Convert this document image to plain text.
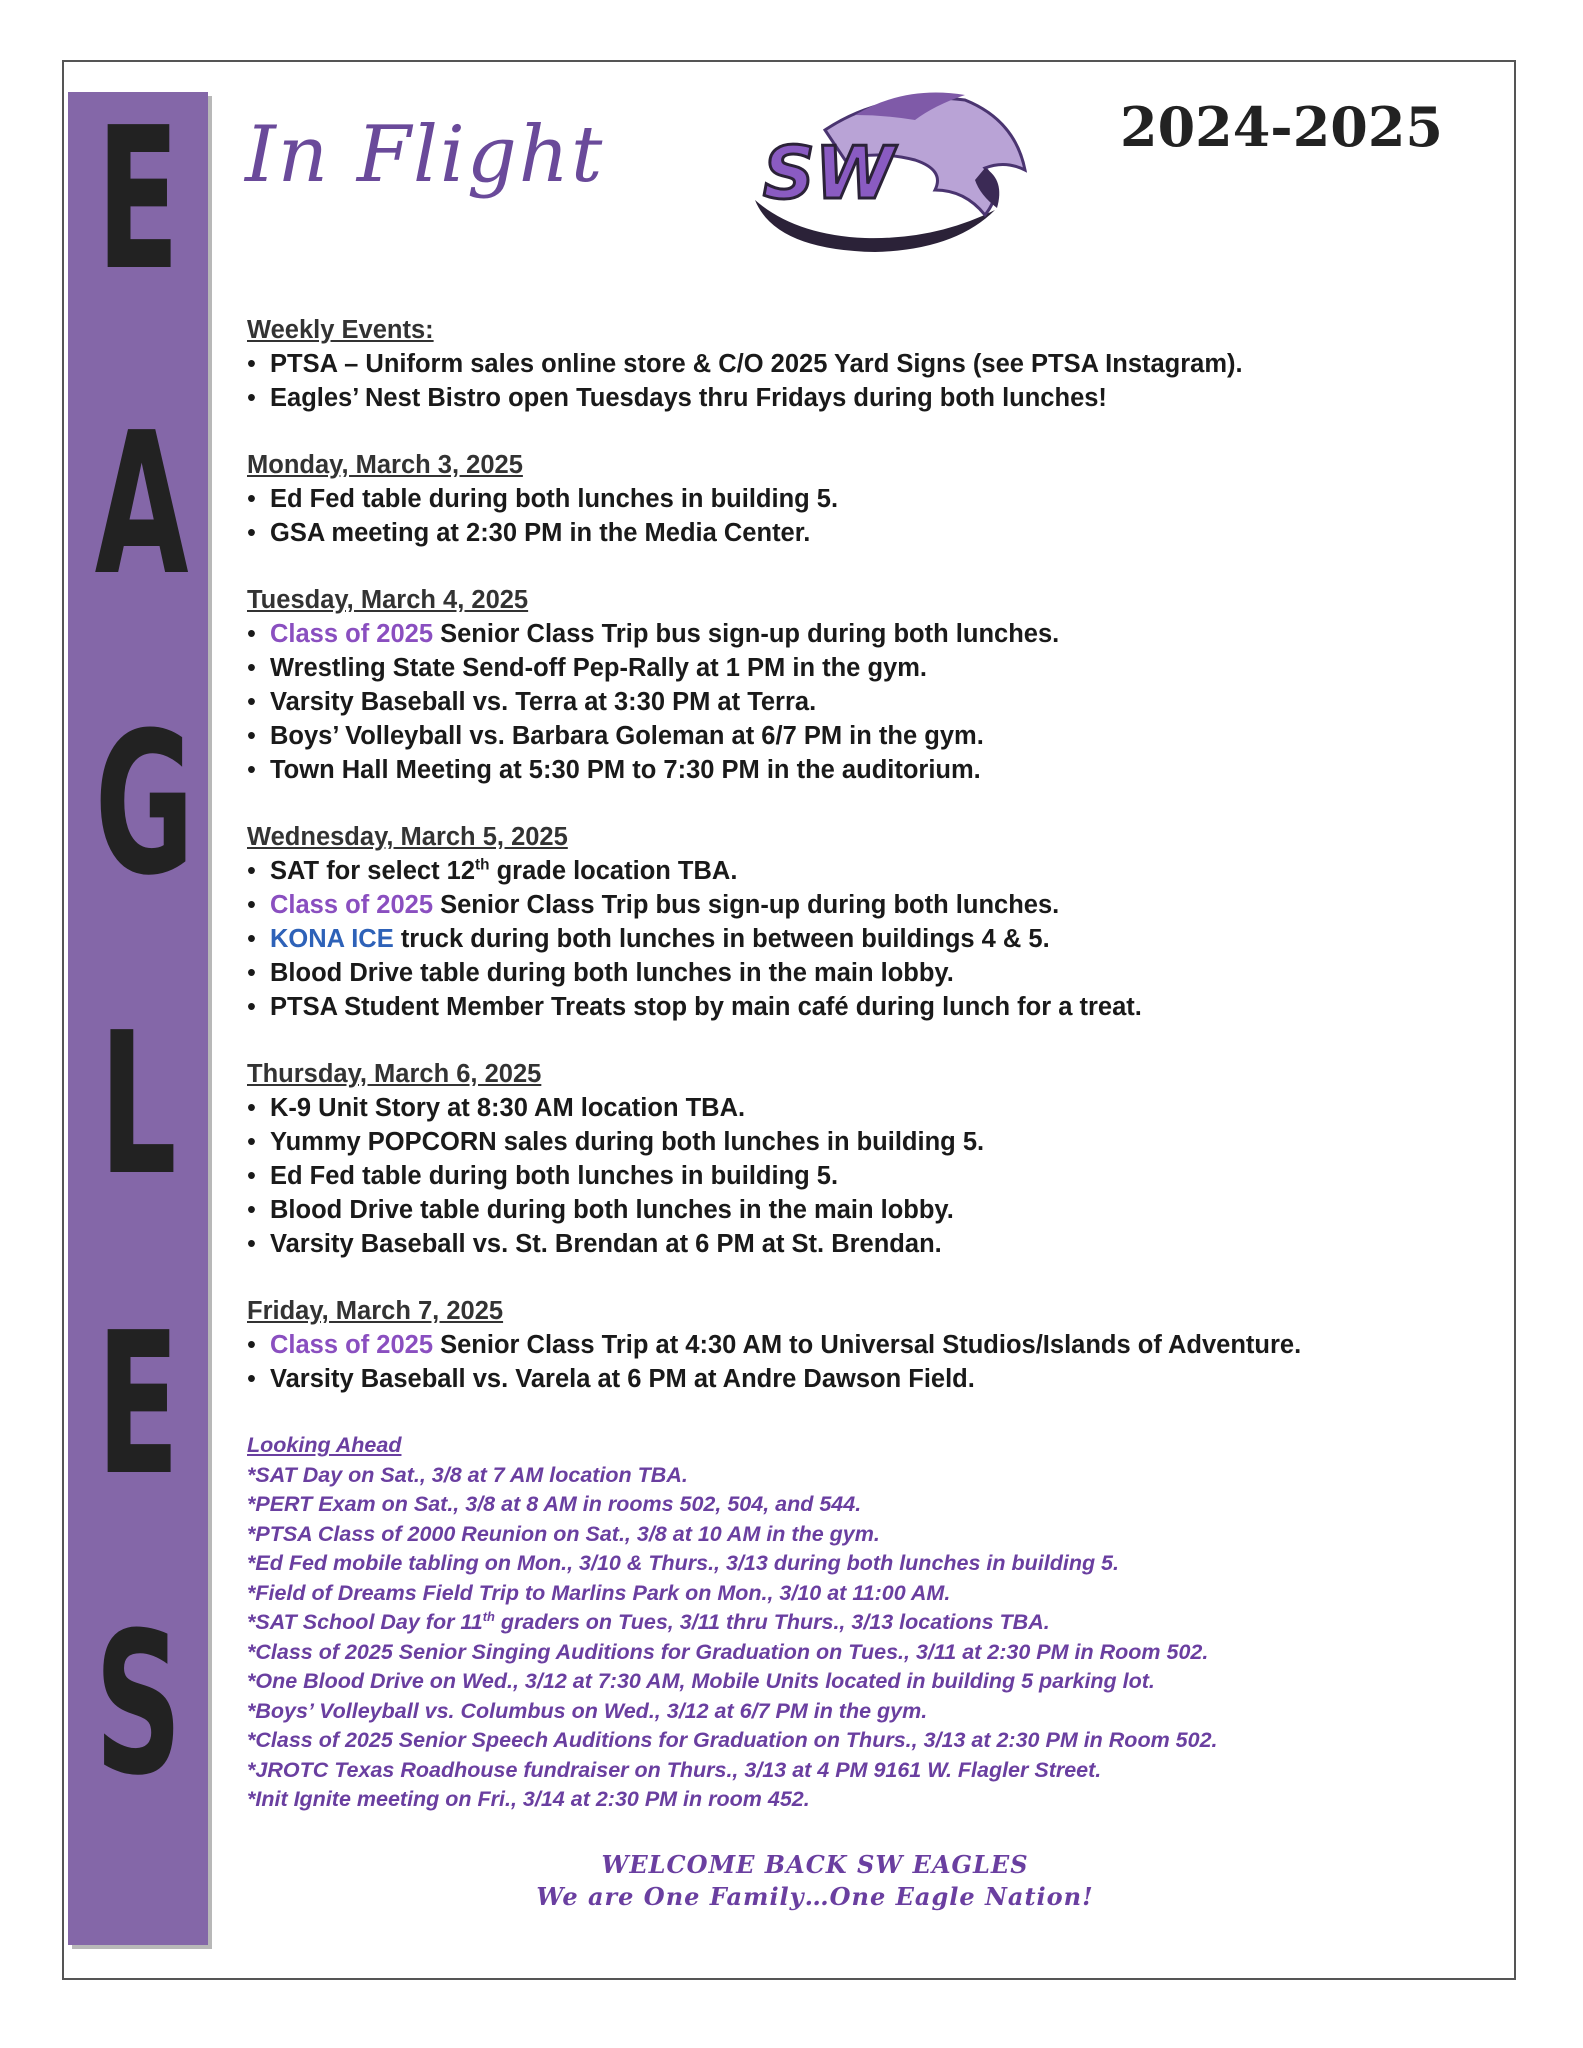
E
A
G
L
E
S
In Flight SW
2024-2025
Weekly Events:
• PTSA – Uniform sales online store & C/O 2025 Yard Signs (see PTSA Instagram).
• Eagles’ Nest Bistro open Tuesdays thru Fridays during both lunches!
Monday, March 3, 2025
• Ed Fed table during both lunches in building 5.
• GSA meeting at 2:30 PM in the Media Center.
Tuesday, March 4, 2025
• Class of 2025 Senior Class Trip bus sign-up during both lunches.
• Wrestling State Send-off Pep-Rally at 1 PM in the gym.
• Varsity Baseball vs. Terra at 3:30 PM at Terra.
• Boys’ Volleyball vs. Barbara Goleman at 6/7 PM in the gym.
• Town Hall Meeting at 5:30 PM to 7:30 PM in the auditorium.
Wednesday, March 5, 2025
• SAT for select 12th grade location TBA.
• Class of 2025 Senior Class Trip bus sign-up during both lunches.
• KONA ICE truck during both lunches in between buildings 4 & 5.
• Blood Drive table during both lunches in the main lobby.
• PTSA Student Member Treats stop by main café during lunch for a treat.
Thursday, March 6, 2025
• K-9 Unit Story at 8:30 AM location TBA.
• Yummy POPCORN sales during both lunches in building 5.
• Ed Fed table during both lunches in building 5.
• Blood Drive table during both lunches in the main lobby.
• Varsity Baseball vs. St. Brendan at 6 PM at St. Brendan.
Friday, March 7, 2025
• Class of 2025 Senior Class Trip at 4:30 AM to Universal Studios/Islands of Adventure.
• Varsity Baseball vs. Varela at 6 PM at Andre Dawson Field.
Looking Ahead
*SAT Day on Sat., 3/8 at 7 AM location TBA.
*PERT Exam on Sat., 3/8 at 8 AM in rooms 502, 504, and 544.
*PTSA Class of 2000 Reunion on Sat., 3/8 at 10 AM in the gym.
*Ed Fed mobile tabling on Mon., 3/10 & Thurs., 3/13 during both lunches in building 5.
*Field of Dreams Field Trip to Marlins Park on Mon., 3/10 at 11:00 AM.
*SAT School Day for 11th graders on Tues, 3/11 thru Thurs., 3/13 locations TBA.
*Class of 2025 Senior Singing Auditions for Graduation on Tues., 3/11 at 2:30 PM in Room 502.
*One Blood Drive on Wed., 3/12 at 7:30 AM, Mobile Units located in building 5 parking lot.
*Boys’ Volleyball vs. Columbus on Wed., 3/12 at 6/7 PM in the gym.
*Class of 2025 Senior Speech Auditions for Graduation on Thurs., 3/13 at 2:30 PM in Room 502.
*JROTC Texas Roadhouse fundraiser on Thurs., 3/13 at 4 PM 9161 W. Flagler Street.
*Init Ignite meeting on Fri., 3/14 at 2:30 PM in room 452.
WELCOME BACK SW EAGLES
We are One Family…One Eagle Nation!
